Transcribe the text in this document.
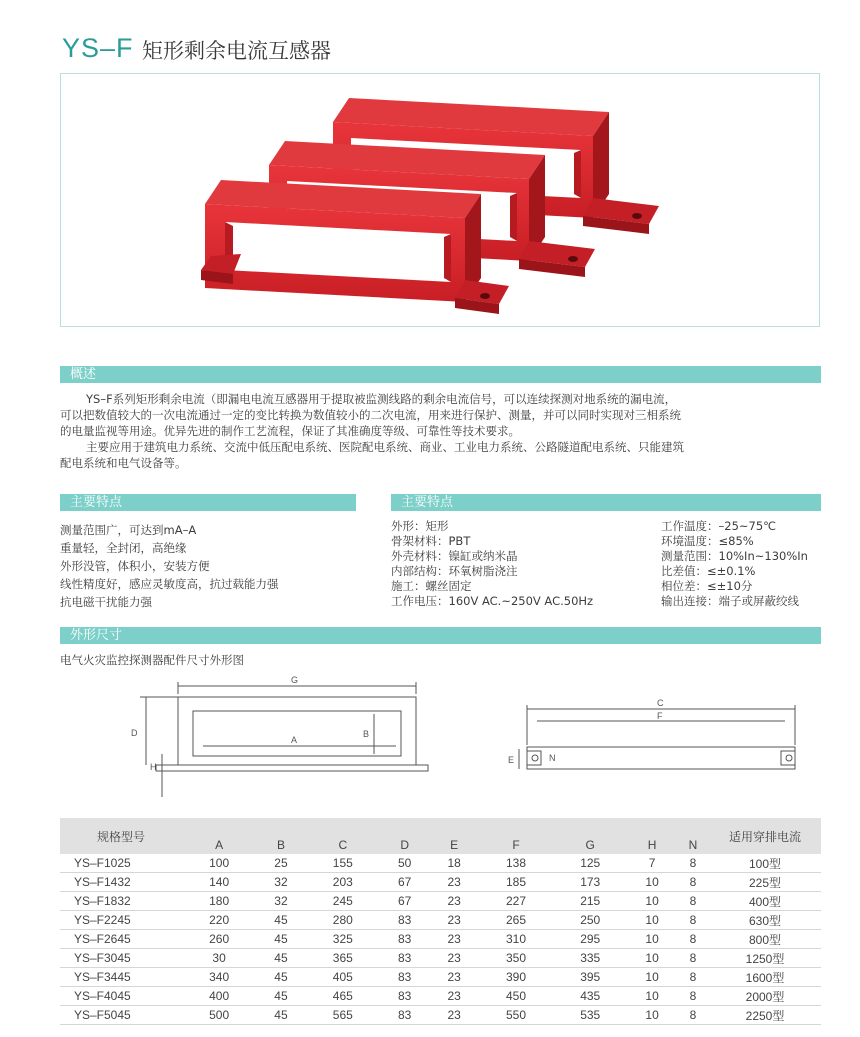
YS–F 矩形剩余电流互感器
概述
YS–F系列矩形剩余电流（即漏电电流互感器用于提取被监测线路的剩余电流信号，可以连续探测对地系统的漏电流，
可以把数值较大的一次电流通过一定的变比转换为数值较小的二次电流，用来进行保护、测量，并可以同时实现对三相系统
的电量监视等用途。优异先进的制作工艺流程，保证了其准确度等级、可靠性等技术要求。
主要应用于建筑电力系统、交流中低压配电系统、医院配电系统、商业、工业电力系统、公路隧道配电系统、只能建筑
配电系统和电气设备等。
主要特点	主要特点
测量范围广，可达到mA–A
重量轻，全封闭，高绝缘
外形没管，体积小，安装方便
线性精度好，感应灵敏度高，抗过载能力强
抗电磁干扰能力强
外形：矩形
骨架材料：PBT
外壳材料：镍缸或纳米晶
内部结构：环氧树脂浇注
施工：螺丝固定
工作电压：160V AC.~250V AC.50Hz
工作温度：–25~75℃
环境温度：≤85%
测量范围：10%In~130%In
比差值：≤±0.1%
相位差：≤±10分
输出连接：端子或屏蔽绞线
外形尺寸
电气火灾监控探测器配件尺寸外形图
G
A
B
D
H
C
F
E	N
规格型号										适用穿排电流
	A	B	C	D	E	F	G	H	N	
YS–F1025	100	25	155	50	18	138	125	7	8	100型
YS–F1432	140	32	203	67	23	185	173	10	8	225型
YS–F1832	180	32	245	67	23	227	215	10	8	400型
YS–F2245	220	45	280	83	23	265	250	10	8	630型
YS–F2645	260	45	325	83	23	310	295	10	8	800型
YS–F3045	30	45	365	83	23	350	335	10	8	1250型
YS–F3445	340	45	405	83	23	390	395	10	8	1600型
YS–F4045	400	45	465	83	23	450	435	10	8	2000型
YS–F5045	500	45	565	83	23	550	535	10	8	2250型
